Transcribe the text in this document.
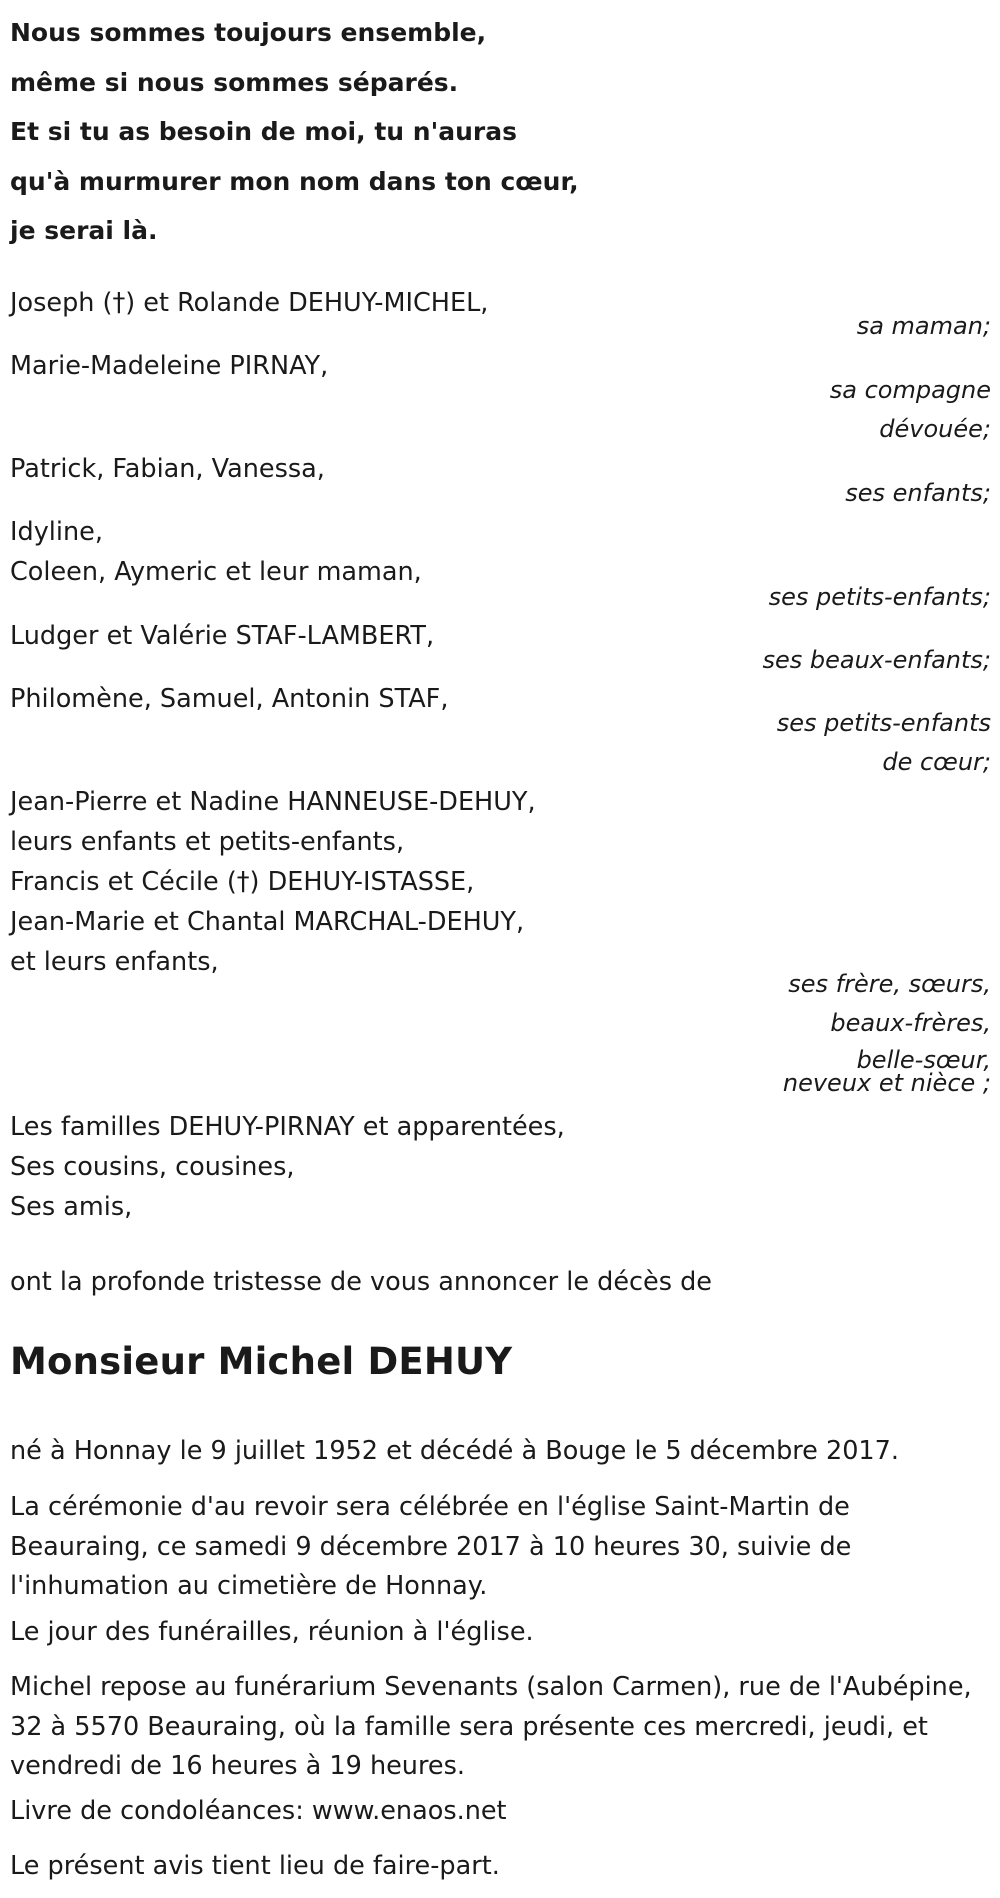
Nous sommes toujours ensemble,
même si nous sommes séparés.
Et si tu as besoin de moi, tu n'auras
qu'à murmurer mon nom dans ton cœur,
je serai là.
Joseph (†) et Rolande DEHUY-MICHEL,
sa maman;
Marie-Madeleine PIRNAY,
sa compagne
dévouée;
Patrick, Fabian, Vanessa,
ses enfants;
Idyline,
Coleen, Aymeric et leur maman,
ses petits-enfants;
Ludger et Valérie STAF-LAMBERT,
ses beaux-enfants;
Philomène, Samuel, Antonin STAF,
ses petits-enfants
de cœur;
Jean-Pierre et Nadine HANNEUSE-DEHUY,
leurs enfants et petits-enfants,
Francis et Cécile (†) DEHUY-ISTASSE,
Jean-Marie et Chantal MARCHAL-DEHUY,
et leurs enfants,
ses frère, sœurs,
beaux-frères,
belle-sœur,
neveux et nièce ;
Les familles DEHUY-PIRNAY et apparentées,
Ses cousins, cousines,
Ses amis,
ont la profonde tristesse de vous annoncer le décès de
Monsieur Michel DEHUY
né à Honnay le 9 juillet 1952 et décédé à Bouge le 5 décembre 2017.
La cérémonie d'au revoir sera célébrée en l'église Saint-Martin de Beauraing, ce samedi 9 décembre 2017 à 10 heures 30, suivie de l'inhumation au cimetière de Honnay.
Le jour des funérailles, réunion à l'église.
Michel repose au funérarium Sevenants (salon Carmen), rue de l'Aubépine, 32 à 5570 Beauraing, où la famille sera présente ces mercredi, jeudi, et vendredi de 16 heures à 19 heures.
Livre de condoléances: www.enaos.net
Le présent avis tient lieu de faire-part.
